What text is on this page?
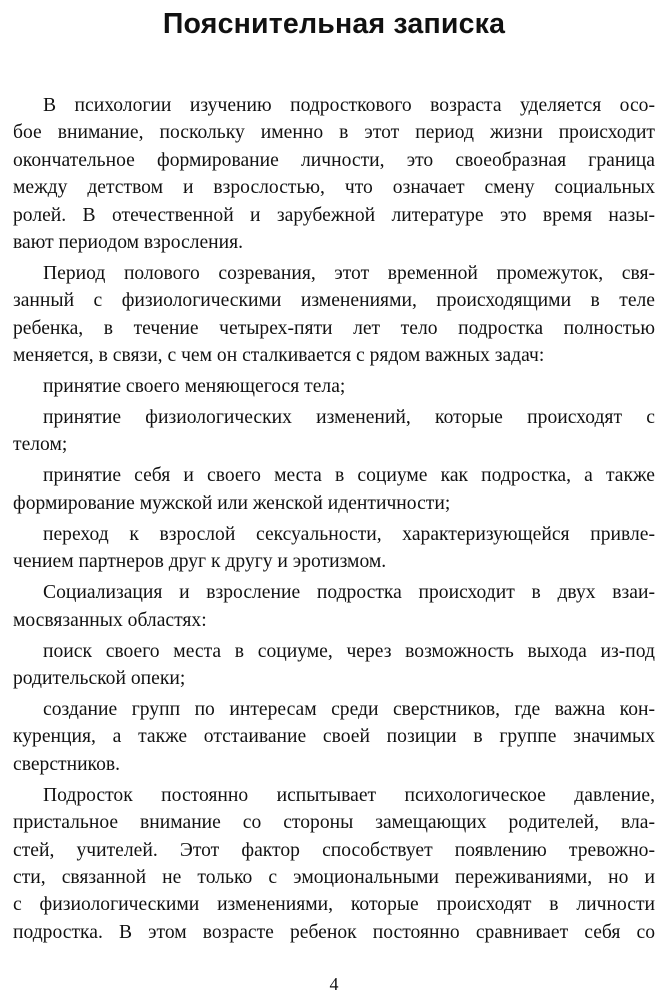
Пояснительная записка
В психологии изучению подросткового возраста уделяется осо-
бое внимание, поскольку именно в этот период жизни происходит
окончательное формирование личности, это своеобразная граница
между детством и взрослостью, что означает смену социальных
ролей. В отечественной и зарубежной литературе это время назы-
вают периодом взросления.
Период полового созревания, этот временной промежуток, свя-
занный с физиологическими изменениями, происходящими в теле
ребенка, в течение четырех-пяти лет тело подростка полностью
меняется, в связи, с чем он сталкивается с рядом важных задач:
принятие своего меняющегося тела;
принятие физиологических изменений, которые происходят с
телом;
принятие себя и своего места в социуме как подростка, а также
формирование мужской или женской идентичности;
переход к взрослой сексуальности, характеризующейся привле-
чением партнеров друг к другу и эротизмом.
Социализация и взросление подростка происходит в двух взаи-
мосвязанных областях:
поиск своего места в социуме, через возможность выхода из-под
родительской опеки;
создание групп по интересам среди сверстников, где важна кон-
куренция, а также отстаивание своей позиции в группе значимых
сверстников.
Подросток постоянно испытывает психологическое давление,
пристальное внимание со стороны замещающих родителей, вла-
стей, учителей. Этот фактор способствует появлению тревожно-
сти, связанной не только с эмоциональными переживаниями, но и
с физиологическими изменениями, которые происходят в личности
подростка. В этом возрасте ребенок постоянно сравнивает себя со
4
